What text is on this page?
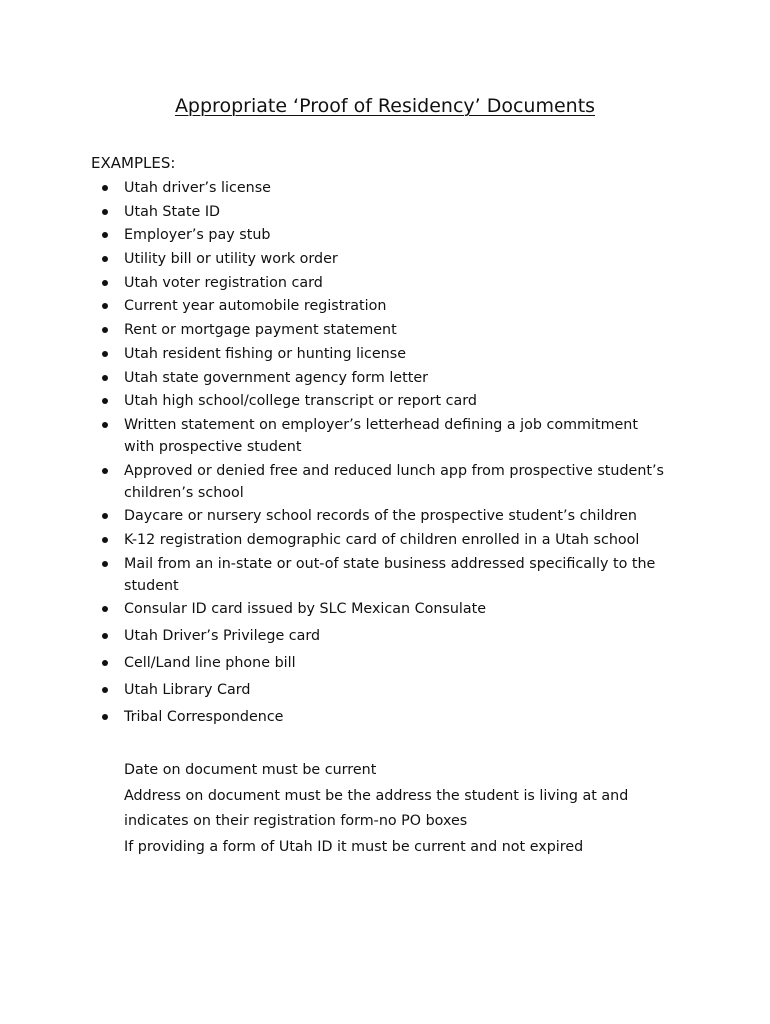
Appropriate ‘Proof of Residency’ Documents
EXAMPLES:
Utah driver’s license
Utah State ID
Employer’s pay stub
Utility bill or utility work order
Utah voter registration card
Current year automobile registration
Rent or mortgage payment statement
Utah resident fishing or hunting license
Utah state government agency form letter
Utah high school/college transcript or report card
Written statement on employer’s letterhead defining a job commitment with prospective student
Approved or denied free and reduced lunch app from prospective student’s children’s school
Daycare or nursery school records of the prospective student’s children
K-12 registration demographic card of children enrolled in a Utah school
Mail from an in-state or out-of state business addressed specifically to the student
Consular ID card issued by SLC Mexican Consulate
Utah Driver’s Privilege card
Cell/Land line phone bill
Utah Library Card
Tribal Correspondence
Date on document must be current
Address on document must be the address the student is living at and indicates on their registration form-no PO boxes
If providing a form of Utah ID it must be current and not expired
